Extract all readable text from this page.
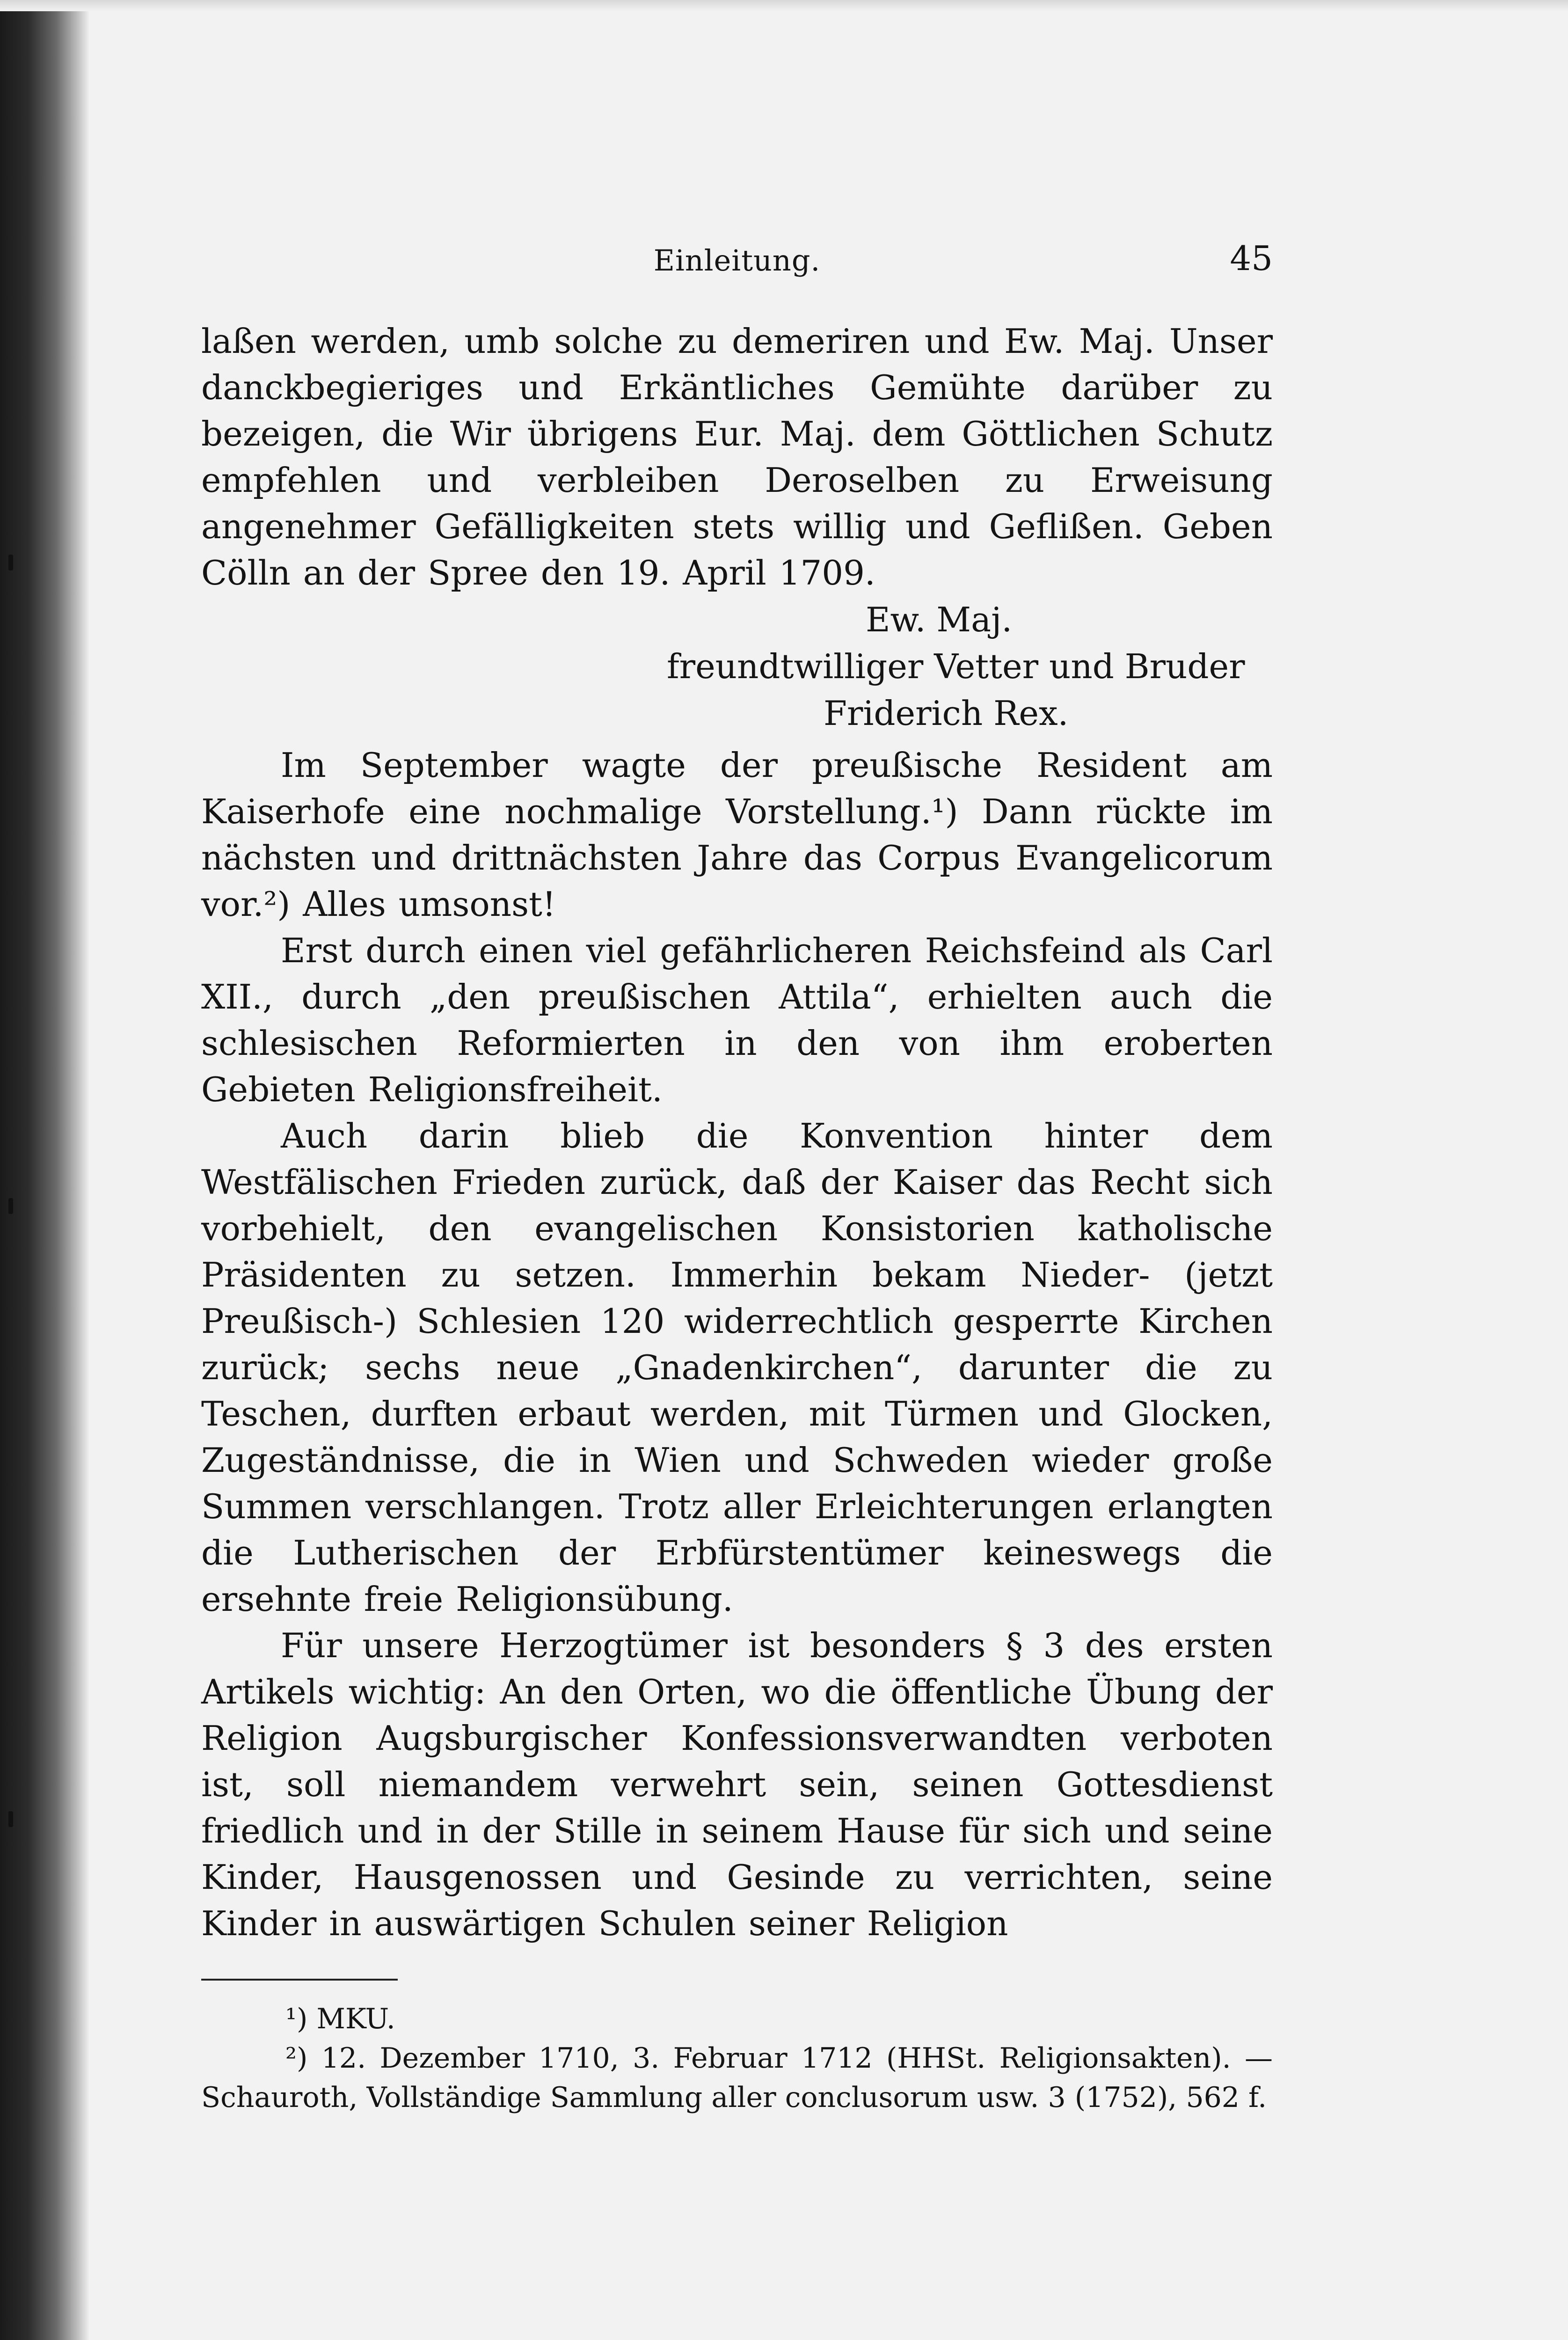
Einleitung.	45

laßen werden, umb solche zu demeriren und Ew. Maj. Unser danckbegieriges und Erkäntliches Gemühte darüber zu bezeigen, die Wir übrigens Eur. Maj. dem Göttlichen Schutz empfehlen und verbleiben Deroselben zu Erweisung angenehmer Gefälligkeiten stets willig und Geflißen. Geben Cölln an der Spree den 19. April 1709.

Ew. Maj.

freundtwilliger Vetter und Bruder

Friderich Rex.

Im September wagte der preußische Resident am Kaiserhofe eine nochmalige Vorstellung.¹) Dann rückte im nächsten und drittnächsten Jahre das Corpus Evangelicorum vor.²) Alles umsonst!

Erst durch einen viel gefährlicheren Reichsfeind als Carl XII., durch „den preußischen Attila“, erhielten auch die schlesischen Reformierten in den von ihm eroberten Gebieten Religionsfreiheit.

Auch darin blieb die Konvention hinter dem Westfälischen Frieden zurück, daß der Kaiser das Recht sich vorbehielt, den evangelischen Konsistorien katholische Präsidenten zu setzen. Immerhin bekam Nieder- (jetzt Preußisch-) Schlesien 120 widerrechtlich gesperrte Kirchen zurück; sechs neue „Gnadenkirchen“, darunter die zu Teschen, durften erbaut werden, mit Türmen und Glocken, Zugeständnisse, die in Wien und Schweden wieder große Summen verschlangen. Trotz aller Erleichterungen erlangten die Lutherischen der Erbfürstentümer keineswegs die ersehnte freie Religionsübung.

Für unsere Herzogtümer ist besonders § 3 des ersten Artikels wichtig: An den Orten, wo die öffentliche Übung der Religion Augsburgischer Konfessionsverwandten verboten ist, soll niemandem verwehrt sein, seinen Gottesdienst friedlich und in der Stille in seinem Hause für sich und seine Kinder, Hausgenossen und Gesinde zu verrichten, seine Kinder in auswärtigen Schulen seiner Religion

¹) MKU.

²) 12. Dezember 1710, 3. Februar 1712 (HHSt. Religionsakten). — Schauroth, Vollständige Sammlung aller conclusorum usw. 3 (1752), 562 f.
